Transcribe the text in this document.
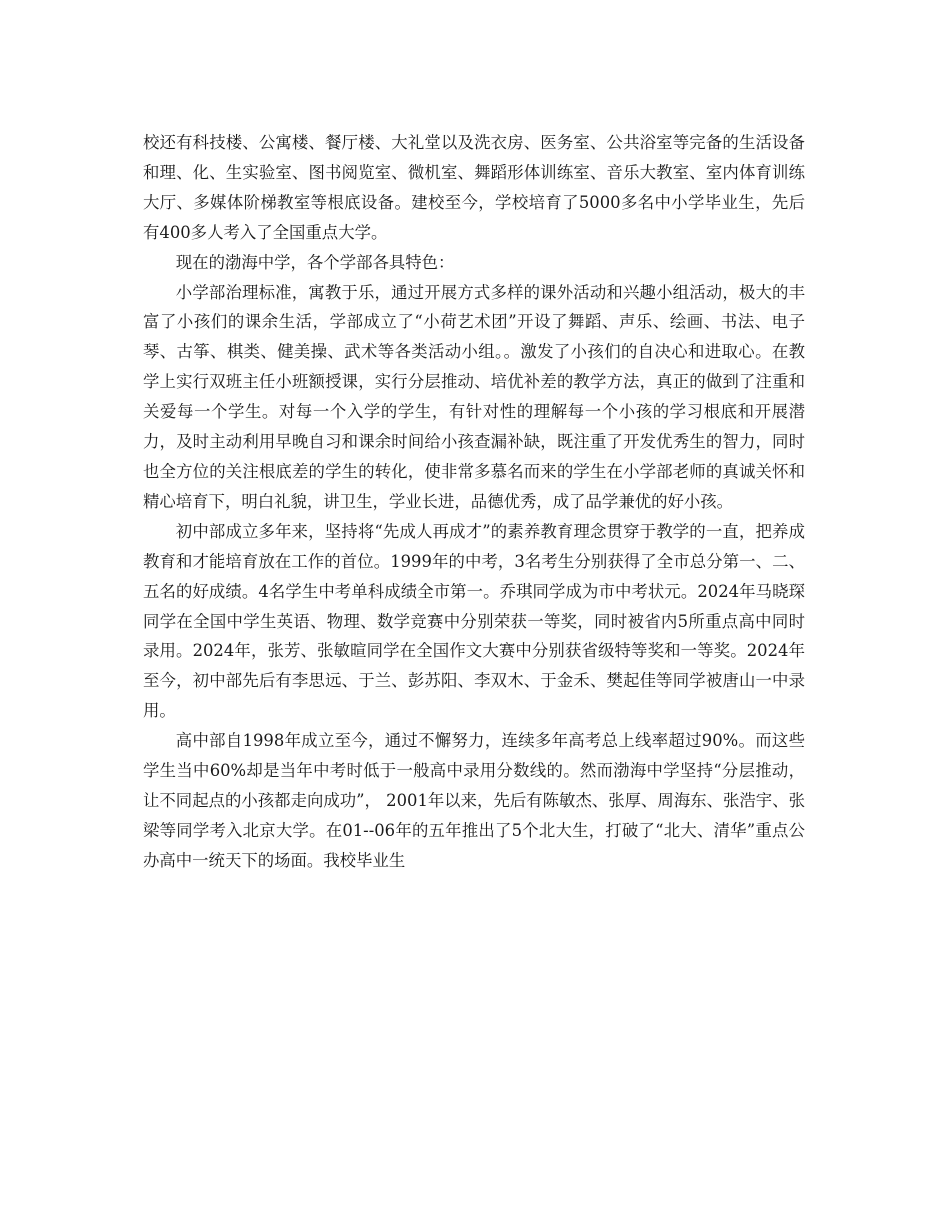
校还有科技楼、公寓楼、餐厅楼、大礼堂以及洗衣房、医务室、公共浴室等完备的生活设备和理、化、生实验室、图书阅览室、微机室、舞蹈形体训练室、音乐大教室、室内体育训练大厅、多媒体阶梯教室等根底设备。建校至今，学校培育了5000多名中小学毕业生，先后有400多人考入了全国重点大学。

现在的渤海中学，各个学部各具特色：

小学部治理标准，寓教于乐，通过开展方式多样的课外活动和兴趣小组活动，极大的丰富了小孩们的课余生活，学部成立了“小荷艺术团”开设了舞蹈、声乐、绘画、书法、电子琴、古筝、棋类、健美操、武术等各类活动小组。。激发了小孩们的自决心和进取心。在教学上实行双班主任小班额授课，实行分层推动、培优补差的教学方法，真正的做到了注重和关爱每一个学生。对每一个入学的学生，有针对性的理解每一个小孩的学习根底和开展潜力，及时主动利用早晚自习和课余时间给小孩查漏补缺，既注重了开发优秀生的智力，同时也全方位的关注根底差的学生的转化，使非常多慕名而来的学生在小学部老师的真诚关怀和精心培育下，明白礼貌，讲卫生，学业长进，品德优秀，成了品学兼优的好小孩。

初中部成立多年来，坚持将“先成人再成才”的素养教育理念贯穿于教学的一直，把养成教育和才能培育放在工作的首位。1999年的中考，3名考生分别获得了全市总分第一、二、五名的好成绩。4名学生中考单科成绩全市第一。乔琪同学成为市中考状元。2024年马晓琛同学在全国中学生英语、物理、数学竞赛中分别荣获一等奖，同时被省内5所重点高中同时录用。2024年，张芳、张敏暄同学在全国作文大赛中分别获省级特等奖和一等奖。2024年至今，初中部先后有李思远、于兰、彭苏阳、李双木、于金禾、樊起佳等同学被唐山一中录用。

高中部自1998年成立至今，通过不懈努力，连续多年高考总上线率超过90%。而这些学生当中60%却是当年中考时低于一般高中录用分数线的。然而渤海中学坚持“分层推动，让不同起点的小孩都走向成功”， 2001年以来，先后有陈敏杰、张厚、周海东、张浩宇、张梁等同学考入北京大学。在01--06年的五年推出了5个北大生，打破了“北大、清华”重点公办高中一统天下的场面。我校毕业生
